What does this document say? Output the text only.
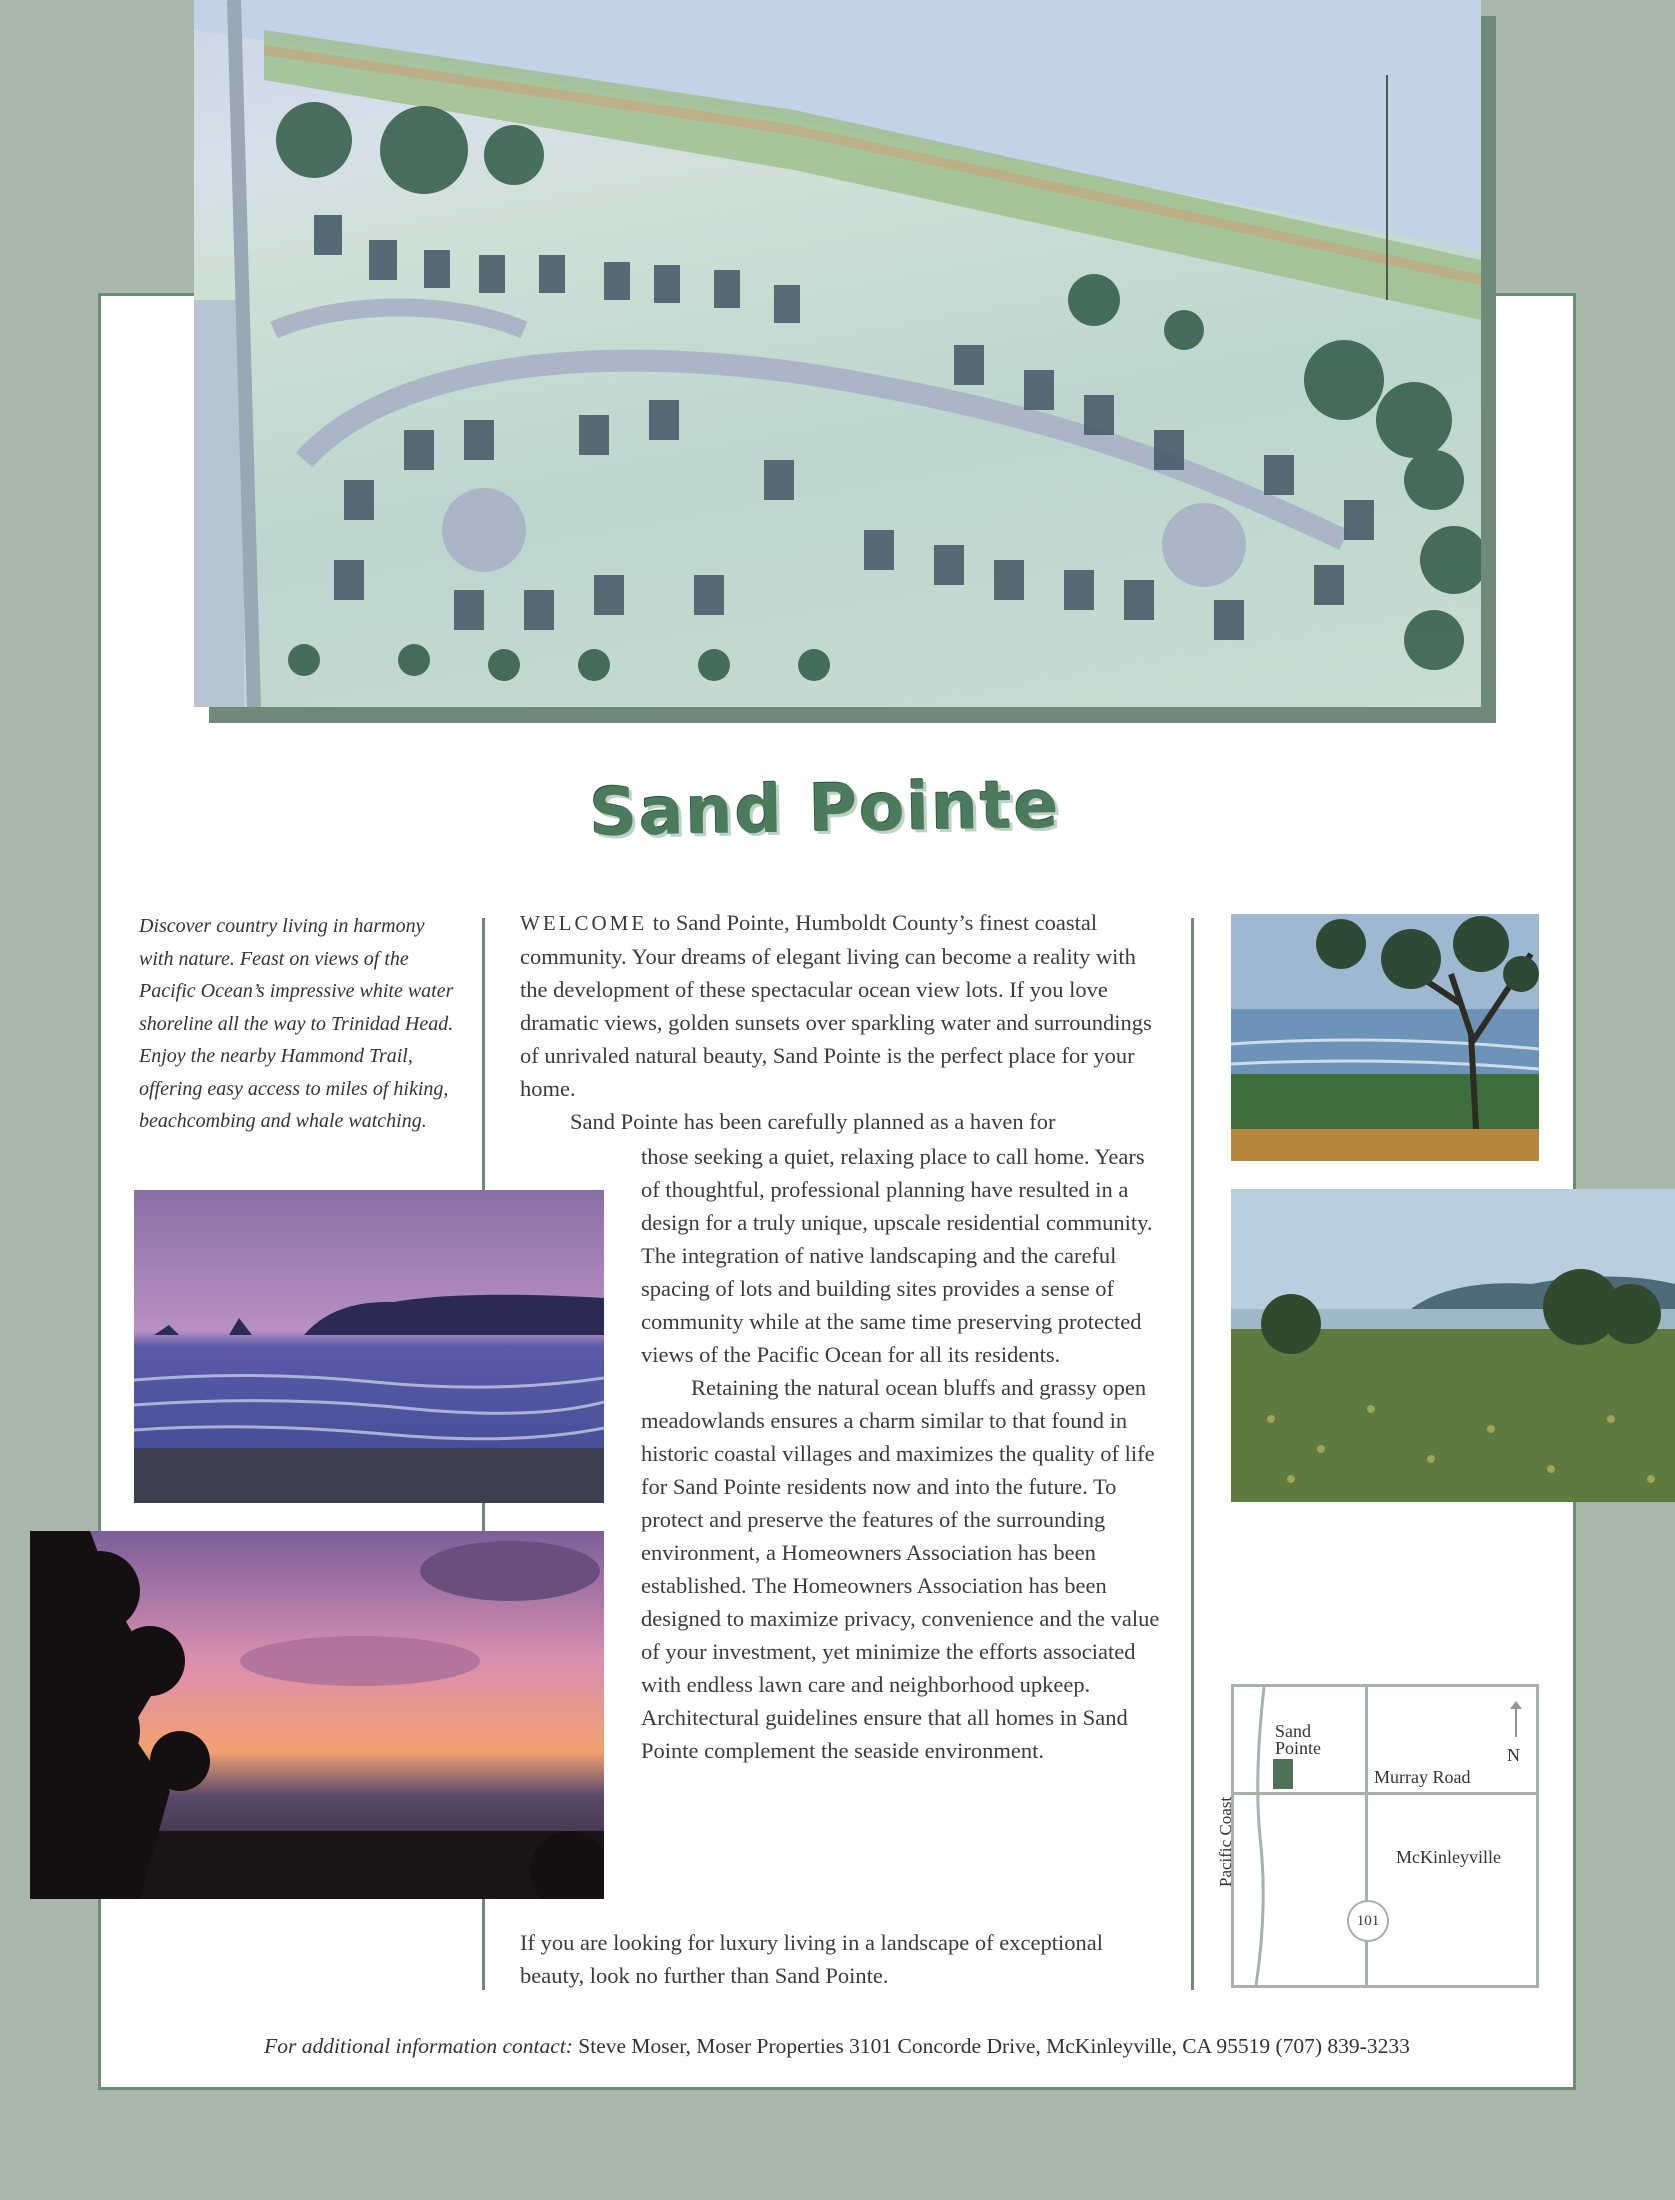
Sand Pointe
Discover country living in harmony with nature. Feast on views of the Pacific Ocean’s impressive white water shoreline all the way to Trinidad Head. Enjoy the nearby Hammond Trail, offering easy access to miles of hiking, beachcombing and whale watching.

WELCOME to Sand Pointe, Humboldt County’s finest coastal community. Your dreams of elegant living can become a reality with the development of these spectacular ocean view lots. If you love dramatic views, golden sunsets over sparkling water and surroundings of unrivaled natural beauty, Sand Pointe is the perfect place for your home.

Sand Pointe has been carefully planned as a haven for

those seeking a quiet, relaxing place to call home. Years of thoughtful, professional planning have resulted in a design for a truly unique, upscale residential community. The integration of native landscaping and the careful spacing of lots and building sites provides a sense of community while at the same time preserving protected views of the Pacific Ocean for all its residents.

Retaining the natural ocean bluffs and grassy open meadowlands ensures a charm similar to that found in historic coastal villages and maximizes the quality of life for Sand Pointe residents now and into the future. To protect and preserve the features of the surrounding environment, a Homeowners Association has been established. The Homeowners Association has been designed to maximize privacy, convenience and the value of your investment, yet minimize the efforts associated with endless lawn care and neighborhood upkeep. Architectural guidelines ensure that all homes in Sand Pointe complement the seaside environment.

If you are looking for luxury living in a landscape of exceptional beauty, look no further than Sand Pointe.

Sand
Pointe
Murray Road
N
McKinleyville
Pacific Coast
101
For additional information contact: Steve Moser, Moser Properties 3101 Concorde Drive, McKinleyville, CA 95519 (707) 839-3233
